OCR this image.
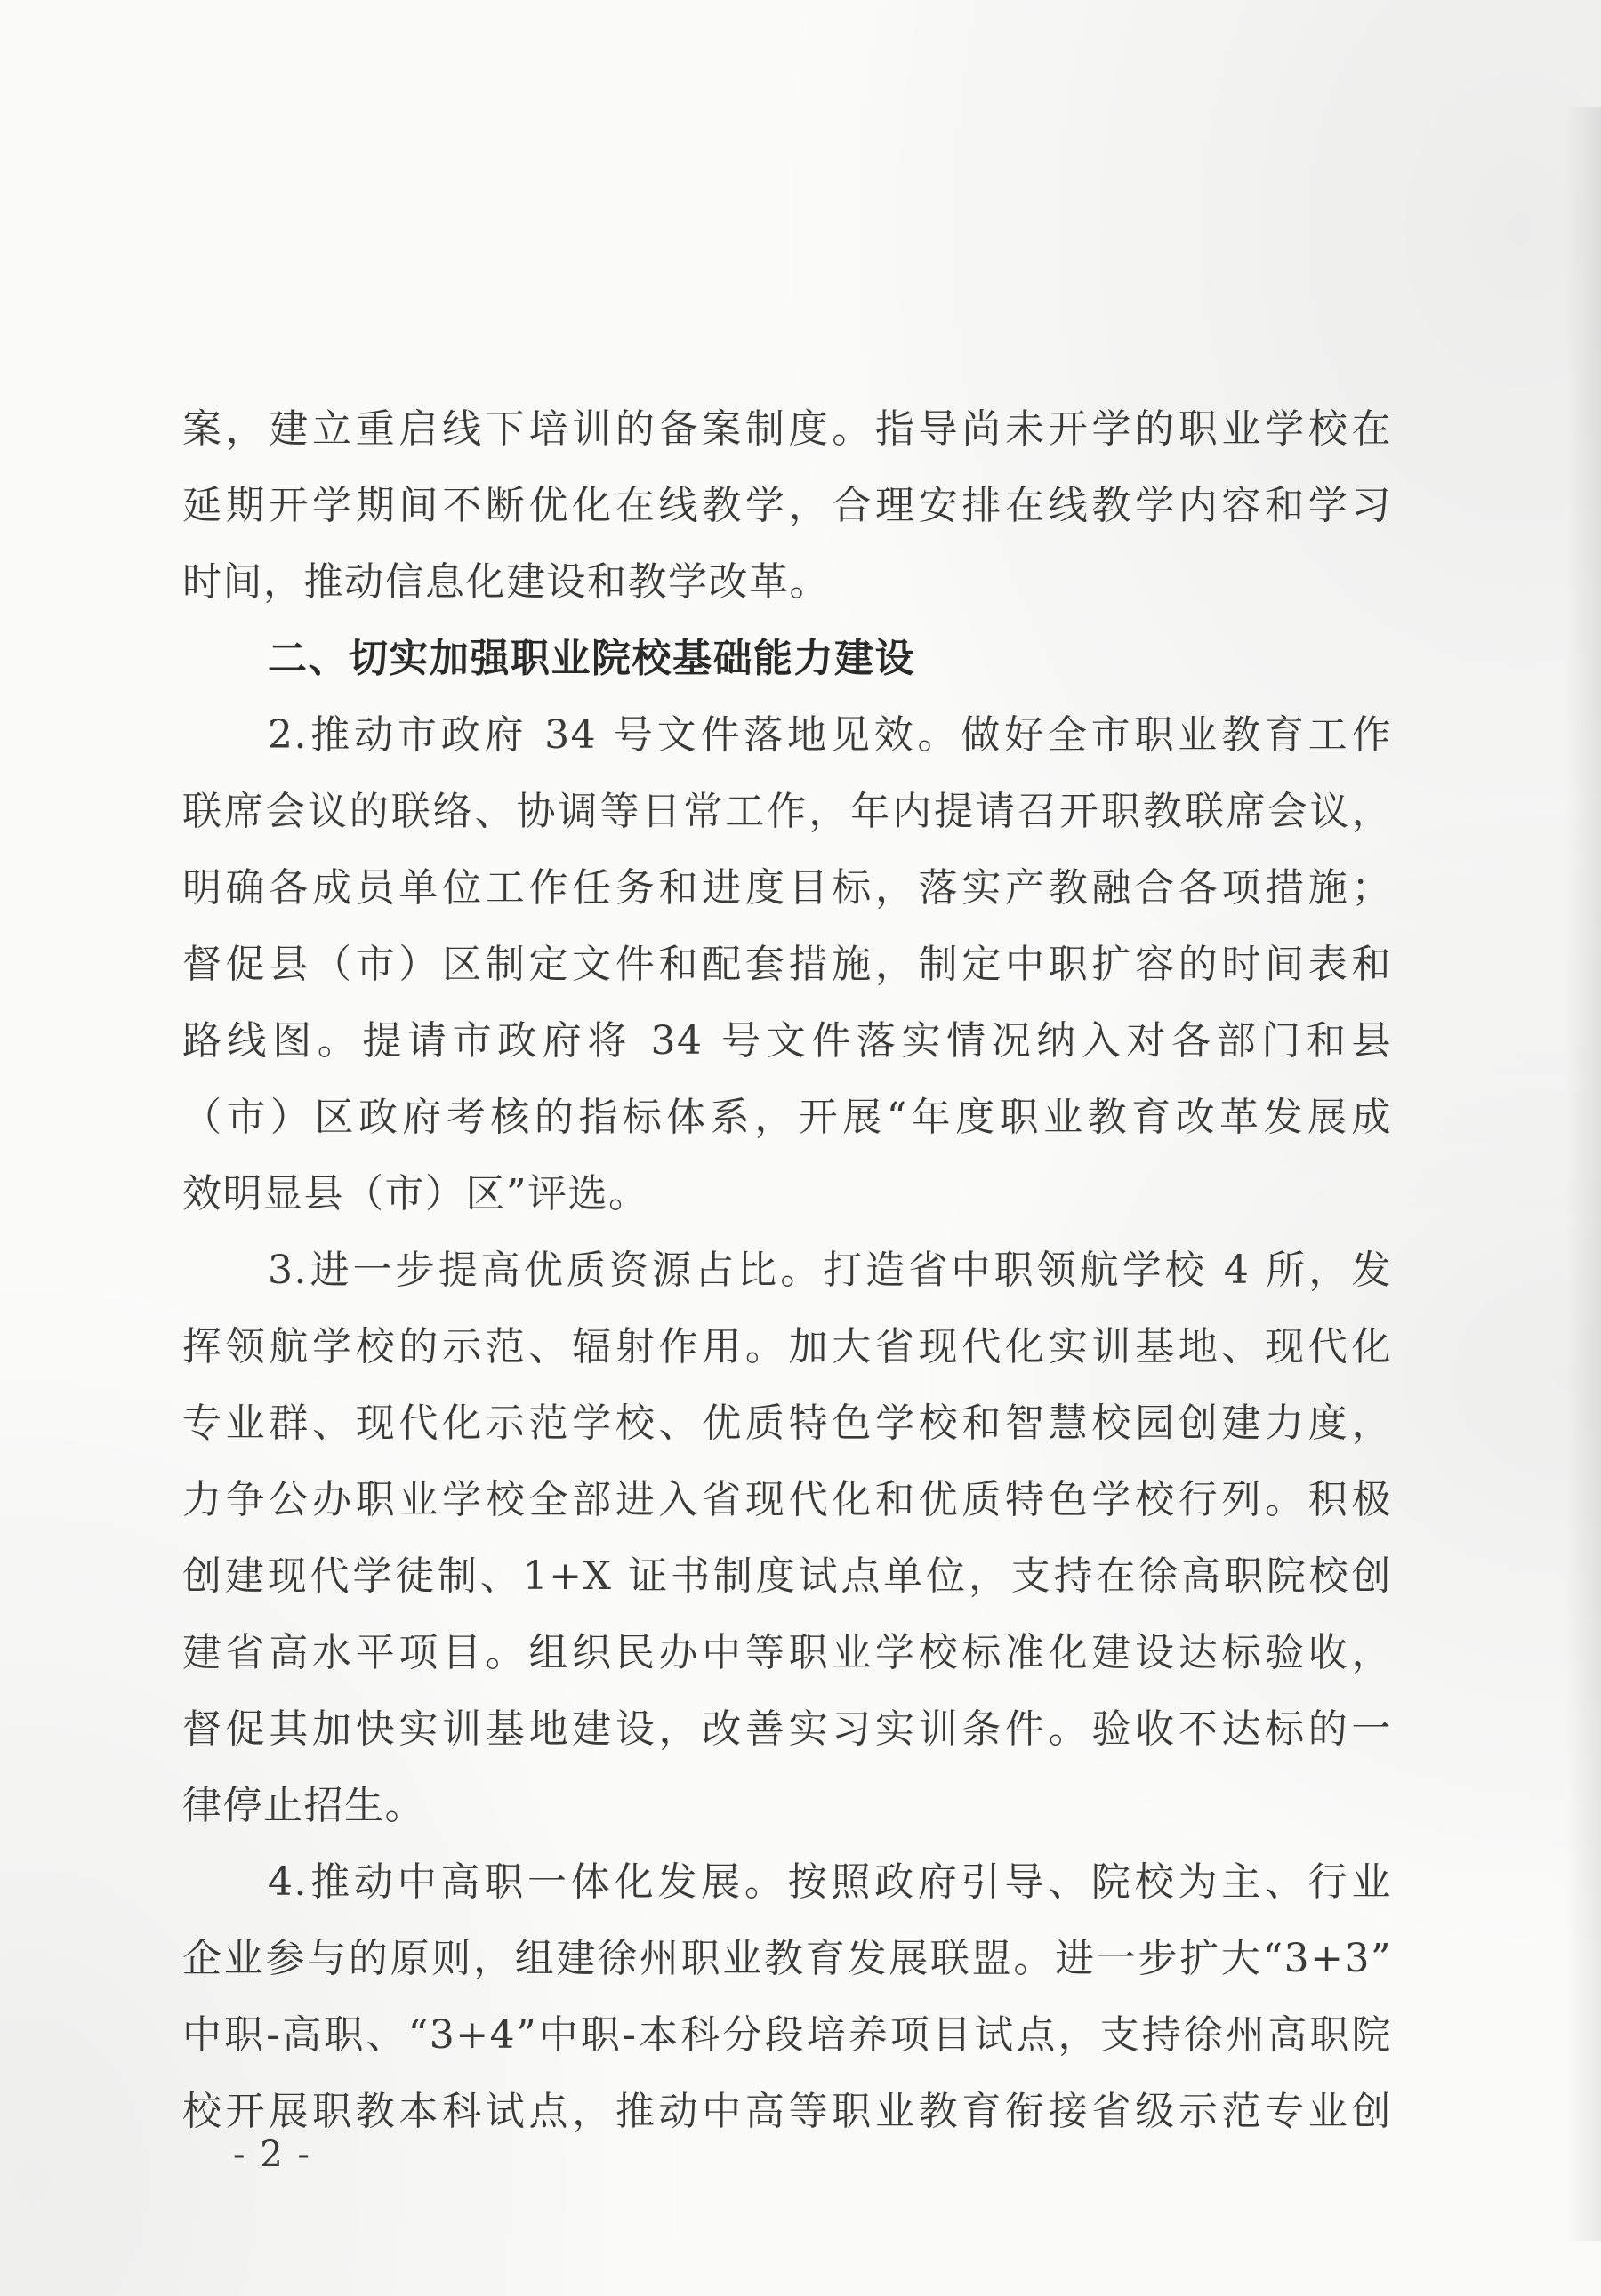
案，建立重启线下培训的备案制度。指导尚未开学的职业学校在
延期开学期间不断优化在线教学，合理安排在线教学内容和学习
时间，推动信息化建设和教学改革。
二、切实加强职业院校基础能力建设
2.推动市政府 34 号文件落地见效。做好全市职业教育工作
联席会议的联络、协调等日常工作，年内提请召开职教联席会议，
明确各成员单位工作任务和进度目标，落实产教融合各项措施；
督促县（市）区制定文件和配套措施，制定中职扩容的时间表和
路线图。提请市政府将 34 号文件落实情况纳入对各部门和县
（市）区政府考核的指标体系，开展“年度职业教育改革发展成
效明显县（市）区”评选。
3.进一步提高优质资源占比。打造省中职领航学校 4 所，发
挥领航学校的示范、辐射作用。加大省现代化实训基地、现代化
专业群、现代化示范学校、优质特色学校和智慧校园创建力度，
力争公办职业学校全部进入省现代化和优质特色学校行列。积极
创建现代学徒制、1+X 证书制度试点单位，支持在徐高职院校创
建省高水平项目。组织民办中等职业学校标准化建设达标验收，
督促其加快实训基地建设，改善实习实训条件。验收不达标的一
律停止招生。
4.推动中高职一体化发展。按照政府引导、院校为主、行业
企业参与的原则，组建徐州职业教育发展联盟。进一步扩大“3+3”
中职-高职、“3+4”中职-本科分段培养项目试点，支持徐州高职院
校开展职教本科试点，推动中高等职业教育衔接省级示范专业创
- 2 -
